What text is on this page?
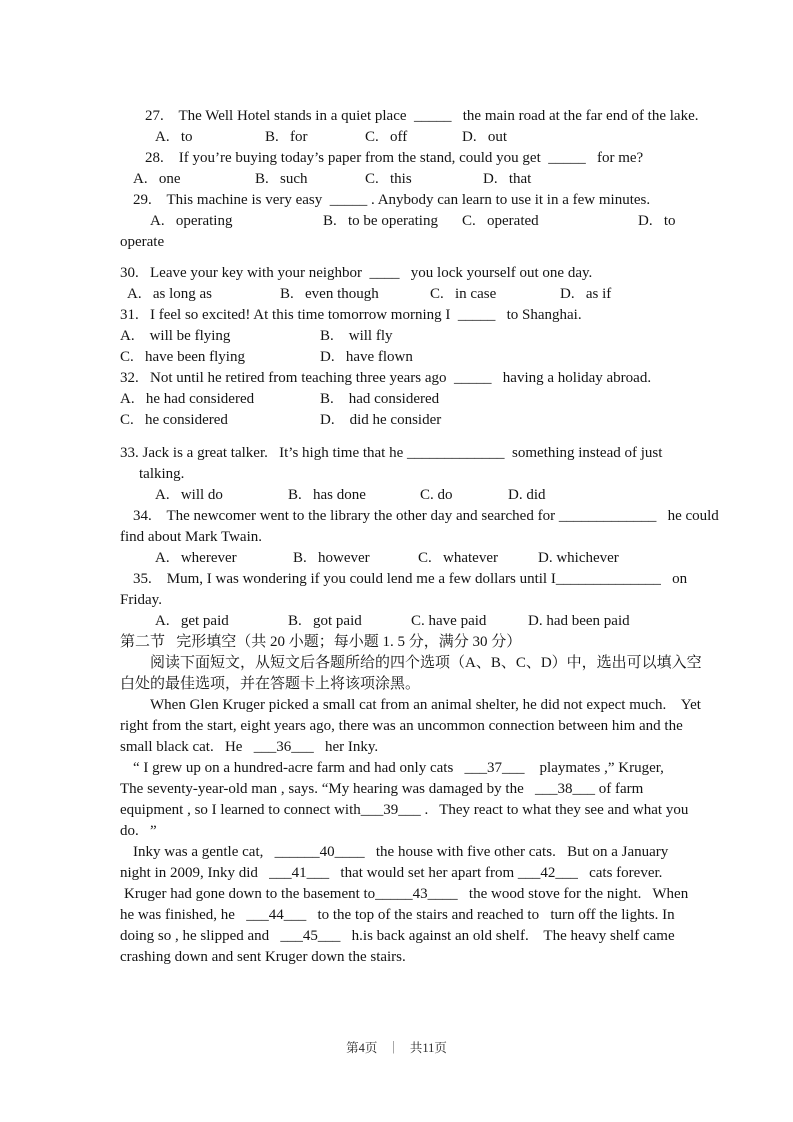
27.    The Well Hotel stands in a quiet place  _____   the main road at the far end of the lake.
A.   to	B.   for	C.   off	D.   out
28.    If you’re buying today’s paper from the stand, could you get  _____   for me?
A.   one	B.   such	C.   this	D.   that
29.    This machine is very easy  _____ . Anybody can learn to use it in a few minutes.
A.   operating	B.   to be operating C.   operated	D.   to
operate
30.   Leave your key with your neighbor  ____   you lock yourself out one day.
A.   as long as	B.   even though	C.   in case	D.   as if
31.   I feel so excited! At this time tomorrow morning I  _____   to Shanghai.
A.    will be flying	B.    will fly
C.   have been flying	D.   have flown
32.   Not until he retired from teaching three years ago  _____   having a holiday abroad.
A.   he had considered	B.    had considered
C.   he considered	D.    did he consider
33. Jack is a great talker.   It’s high time that he _____________  something instead of just
talking.
A.   will do	B.   has done	C. do	D. did
34.    The newcomer went to the library the other day and searched for _____________   he could
find about Mark Twain.
A.   wherever	B.   however	C.   whatever	D. whichever
35.    Mum, I was wondering if you could lend me a few dollars until I______________   on
Friday.
A.   get paid	B.   got paid	C. have paid	D. had been paid
第二节   完形填空（共 20 小题；每小题 1. 5 分，满分 30 分）
阅读下面短文，从短文后各题所给的四个选项（A、B、C、D）中，选出可以填入空
白处的最佳选项，并在答题卡上将该项涂黑。
When Glen Kruger picked a small cat from an animal shelter, he did not expect much.    Yet
right from the start, eight years ago, there was an uncommon connection between him and the
small black cat.   He   ___36___   her Inky.
“ I grew up on a hundred-acre farm and had only cats   ___37___    playmates ,” Kruger,
The seventy-year-old man , says. “My hearing was damaged by the   ___38___ of farm
equipment , so I learned to connect with___39___ .   They react to what they see and what you
do.   ”
Inky was a gentle cat,   ______40____   the house with five other cats.   But on a January
night in 2009, Inky did   ___41___   that would set her apart from ___42___   cats forever.
Kruger had gone down to the basement to_____43____   the wood stove for the night.   When
he was finished, he   ___44___   to the top of the stairs and reached to   turn off the lights. In
doing so , he slipped and   ___45___   h.is back against an old shelf.    The heavy shelf came
crashing down and sent Kruger down the stairs.
第4页 ｜ 共11页
